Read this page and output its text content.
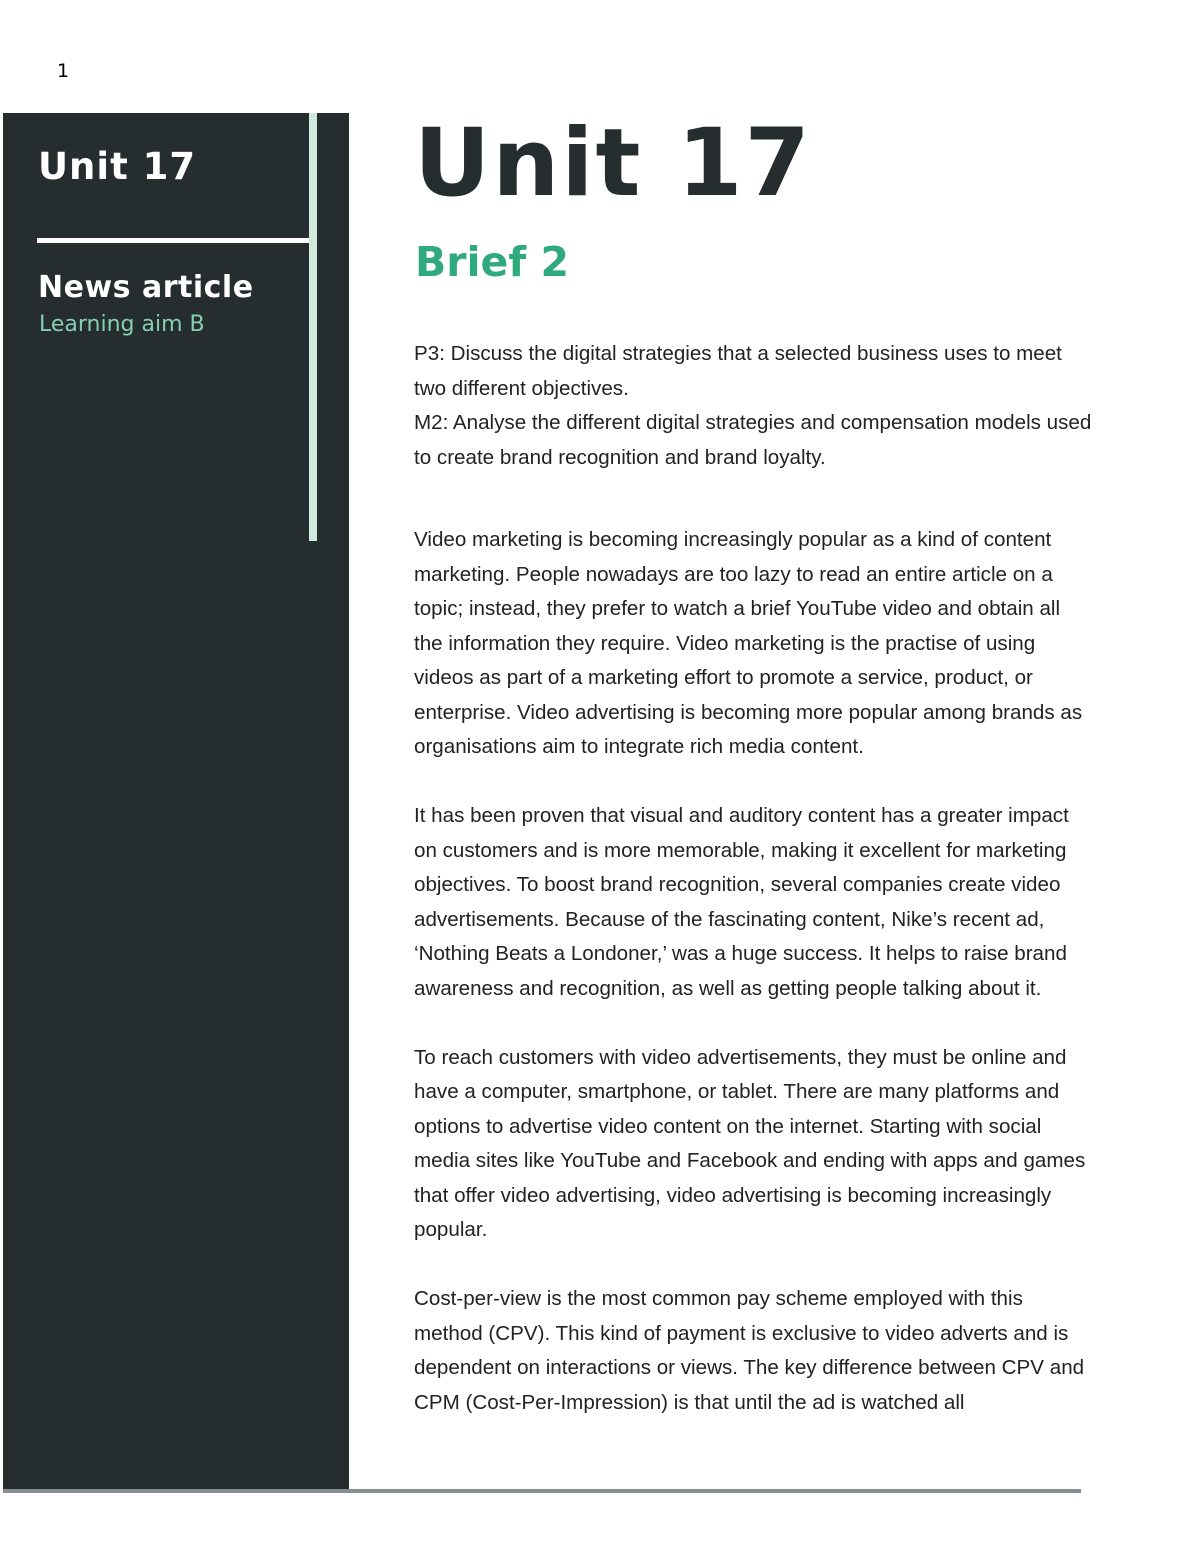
1
Unit 17
News article
Learning aim B
Unit 17
Brief 2

P3: Discuss the digital strategies that a selected business uses to meet two different objectives.

M2: Analyse the different digital strategies and compensation models used to create brand recognition and brand loyalty.

Video marketing is becoming increasingly popular as a kind of content marketing. People nowadays are too lazy to read an entire article on a topic; instead, they prefer to watch a brief YouTube video and obtain all the information they require. Video marketing is the practise of using videos as part of a marketing effort to promote a service, product, or enterprise. Video advertising is becoming more popular among brands as organisations aim to integrate rich media content.

It has been proven that visual and auditory content has a greater impact on customers and is more memorable, making it excellent for marketing objectives. To boost brand recognition, several companies create video advertisements. Because of the fascinating content, Nike’s recent ad, ‘Nothing Beats a Londoner,’ was a huge success. It helps to raise brand awareness and recognition, as well as getting people talking about it.

To reach customers with video advertisements, they must be online and have a computer, smartphone, or tablet. There are many platforms and options to advertise video content on the internet. Starting with social media sites like YouTube and Facebook and ending with apps and games that offer video advertising, video advertising is becoming increasingly popular.

Cost-per-view is the most common pay scheme employed with this method (CPV). This kind of payment is exclusive to video adverts and is dependent on interactions or views. The key difference between CPV and CPM (Cost-Per-Impression) is that until the ad is watched all
